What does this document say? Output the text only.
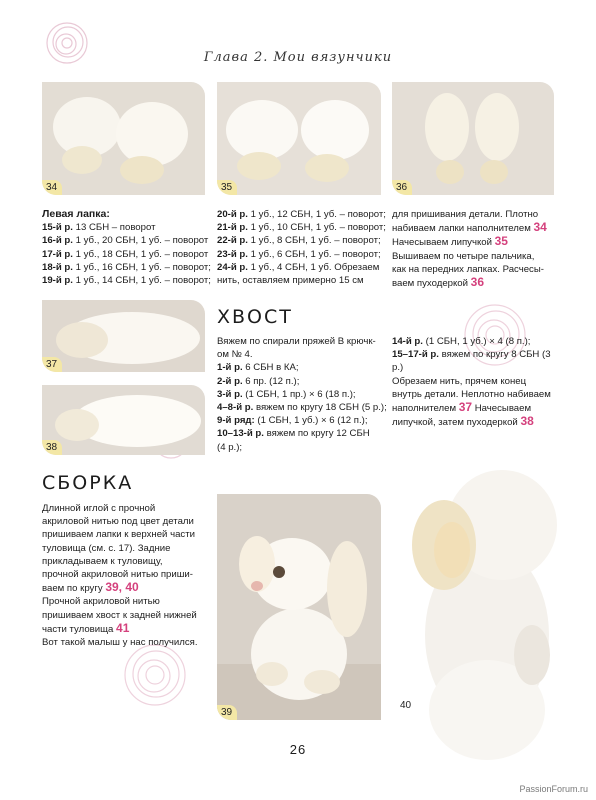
Глава 2. Мои вязунчики
34	35	36
Левая лапка:
15-й р. 13 СБН – поворот
16-й р. 1 уб., 20 СБН, 1 уб. – поворот
17-й р. 1 уб., 18 СБН, 1 уб. – поворот
18-й р. 1 уб., 16 СБН, 1 уб. – поворот;
19-й р. 1 уб., 14 СБН, 1 уб. – поворот;
20-й р. 1 уб., 12 СБН, 1 уб. – поворот;
21-й р. 1 уб., 10 СБН, 1 уб. – поворот;
22-й р. 1 уб., 8 СБН, 1 уб. – поворот;
23-й р. 1 уб., 6 СБН, 1 уб. – поворот;
24-й р. 1 уб., 4 СБН, 1 уб. Обрезаем
нить, оставляем примерно 15 см
для пришивания детали. Плотно
набиваем лапки наполнителем 34
Начесываем липучкой 35
Вышиваем по четыре пальчика,
как на передних лапках. Расчесы-
ваем пуходеркой 36
37
38
ХВОСТ
Вяжем по спирали пряжей В крючк-
ом № 4.
1-й р. 6 СБН в КА;
2-й р. 6 пр. (12 п.);
3-й р. (1 СБН, 1 пр.) × 6 (18 п.);
4–8-й р. вяжем по кругу 18 СБН (5 р.);
9-й ряд: (1 СБН, 1 уб.) × 6 (12 п.);
10–13-й р. вяжем по кругу 12 СБН
(4 р.);
14-й р. (1 СБН, 1 уб.) × 4 (8 п.);
15–17-й р. вяжем по кругу 8 СБН (3 р.)
Обрезаем нить, прячем конец
внутрь детали. Неплотно набиваем
наполнителем 37 Начесываем
липучкой, затем пуходеркой 38
СБОРКА
Длинной иглой с прочной
акриловой нитью под цвет детали
пришиваем лапки к верхней части
туловища (см. с. 17). Задние
прикладываем к туловищу,
прочной акриловой нитью приши-
ваем по кругу 39, 40
Прочной акриловой нитью
пришиваем хвост к задней нижней
части туловища 41
Вот такой малыш у нас получился.
39
40
26
PassionForum.ru
